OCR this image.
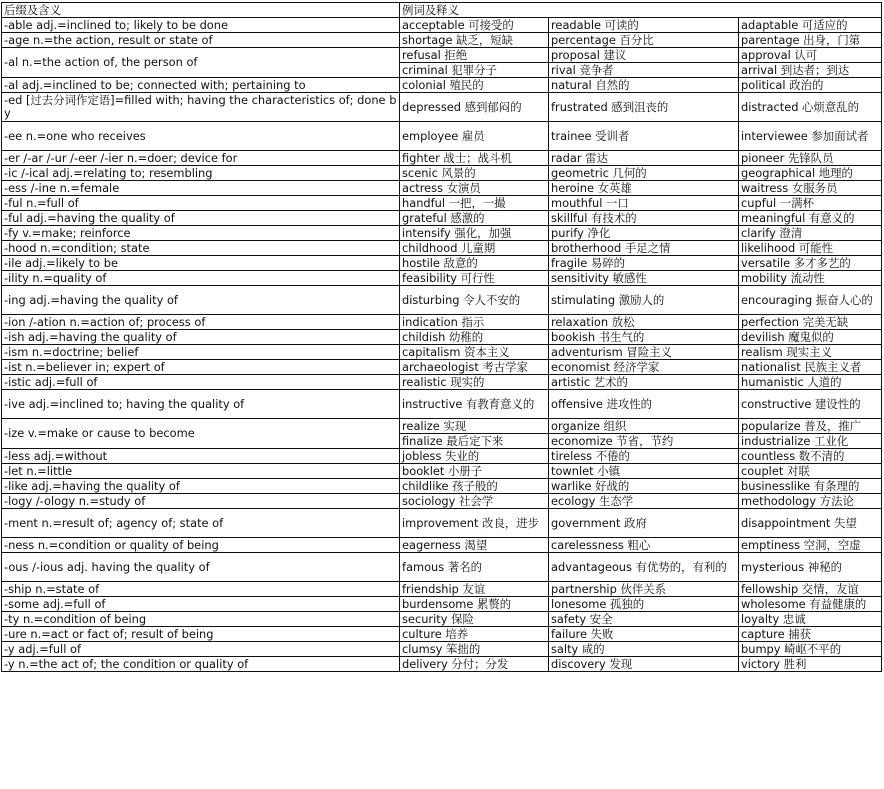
后缀及含义	例词及释义		
-able adj.=inclined to; likely to be done	acceptable 可接受的	readable 可读的	adaptable 可适应的
-age n.=the action, result or state of	shortage 缺乏，短缺	percentage 百分比	parentage 出身，门第
-al n.=the action of, the person of	refusal 拒绝	proposal 建议	approval 认可
	criminal 犯罪分子	rival 竞争者	arrival 到达者；到达
-al adj.=inclined to be; connected with; pertaining to	colonial 殖民的	natural 自然的	political 政治的
-ed [过去分词作定语]=filled with; having the characteristics of; done by	depressed 感到郁闷的	frustrated 感到沮丧的	distracted 心烦意乱的
-ee n.=one who receives	employee 雇员	trainee 受训者	interviewee 参加面试者
-er /-ar /-ur /-eer /-ier n.=doer; device for	fighter 战士；战斗机	radar 雷达	pioneer 先锋队员
-ic /-ical adj.=relating to; resembling	scenic 风景的	geometric 几何的	geographical 地理的
-ess /-ine n.=female	actress 女演员	heroine 女英雄	waitress 女服务员
-ful n.=full of	handful 一把，一撮	mouthful 一口	cupful 一满杯
-ful adj.=having the quality of	grateful 感激的	skillful 有技术的	meaningful 有意义的
-fy v.=make; reinforce	intensify 强化，加强	purify 净化	clarify 澄清
-hood n.=condition; state	childhood 儿童期	brotherhood 手足之情	likelihood 可能性
-ile adj.=likely to be	hostile 敌意的	fragile 易碎的	versatile 多才多艺的
-ility n.=quality of	feasibility 可行性	sensitivity 敏感性	mobility 流动性
-ing adj.=having the quality of	disturbing 令人不安的	stimulating 激励人的	encouraging 振奋人心的
-ion /-ation n.=action of; process of	indication 指示	relaxation 放松	perfection 完美无缺
-ish adj.=having the quality of	childish 幼稚的	bookish 书生气的	devilish 魔鬼似的
-ism n.=doctrine; belief	capitalism 资本主义	adventurism 冒险主义	realism 现实主义
-ist n.=believer in; expert of	archaeologist 考古学家	economist 经济学家	nationalist 民族主义者
-istic adj.=full of	realistic 现实的	artistic 艺术的	humanistic 人道的
-ive adj.=inclined to; having the quality of	instructive 有教育意义的	offensive 进攻性的	constructive 建设性的
-ize v.=make or cause to become	realize 实现	organize 组织	popularize 普及，推广
	finalize 最后定下来	economize 节省，节约	industrialize 工业化
-less adj.=without	jobless 失业的	tireless 不倦的	countless 数不清的
-let n.=little	booklet 小册子	townlet 小镇	couplet 对联
-like adj.=having the quality of	childlike 孩子般的	warlike 好战的	businesslike 有条理的
-logy /-ology n.=study of	sociology 社会学	ecology 生态学	methodology 方法论
-ment n.=result of; agency of; state of	improvement 改良，进步	government 政府	disappointment 失望
-ness n.=condition or quality of being	eagerness 渴望	carelessness 粗心	emptiness 空洞，空虚
-ous /-ious adj. having the quality of	famous 著名的	advantageous 有优势的，有利的	mysterious 神秘的
-ship n.=state of	friendship 友谊	partnership 伙伴关系	fellowship 交情，友谊
-some adj.=full of	burdensome 累赘的	lonesome 孤独的	wholesome 有益健康的
-ty n.=condition of being	security 保险	safety 安全	loyalty 忠诚
-ure n.=act or fact of; result of being	culture 培养	failure 失败	capture 捕获
-y adj.=full of	clumsy 笨拙的	salty 咸的	bumpy 崎岖不平的
-y n.=the act of; the condition or quality of	delivery 分付；分发	discovery 发现	victory 胜利
